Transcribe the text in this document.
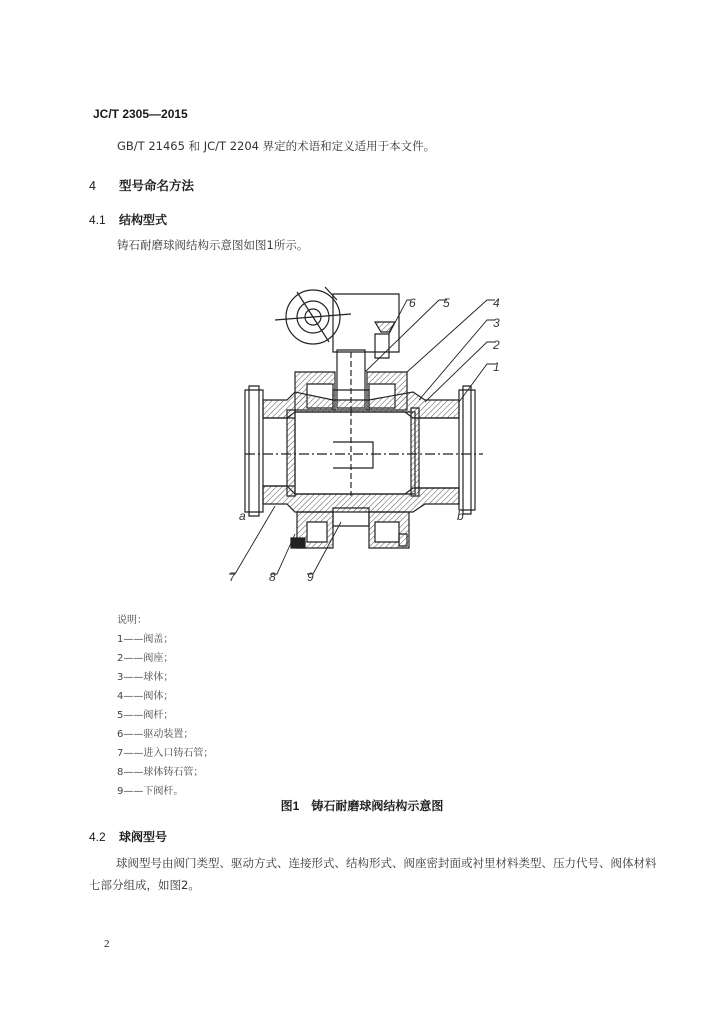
JC/T 2305—2015
GB/T 21465 和 JC/T 2204 界定的术语和定义适用于本文件。
4 型号命名方法
4.1 结构型式
铸石耐磨球阀结构示意图如图1所示。
a	b
6 5	4
3
2
1
7	8	9
说明：
1——阀盖；
2——阀座；
3——球体；
4——阀体；
5——阀杆；
6——驱动装置；
7——进入口铸石管；
8——球体铸石管；
9——下阀杆。
图1 铸石耐磨球阀结构示意图
4.2 球阀型号
球阀型号由阀门类型、驱动方式、连接形式、结构形式、阀座密封面或衬里材料类型、压力代号、阀体材料七部分组成，如图2。
2
